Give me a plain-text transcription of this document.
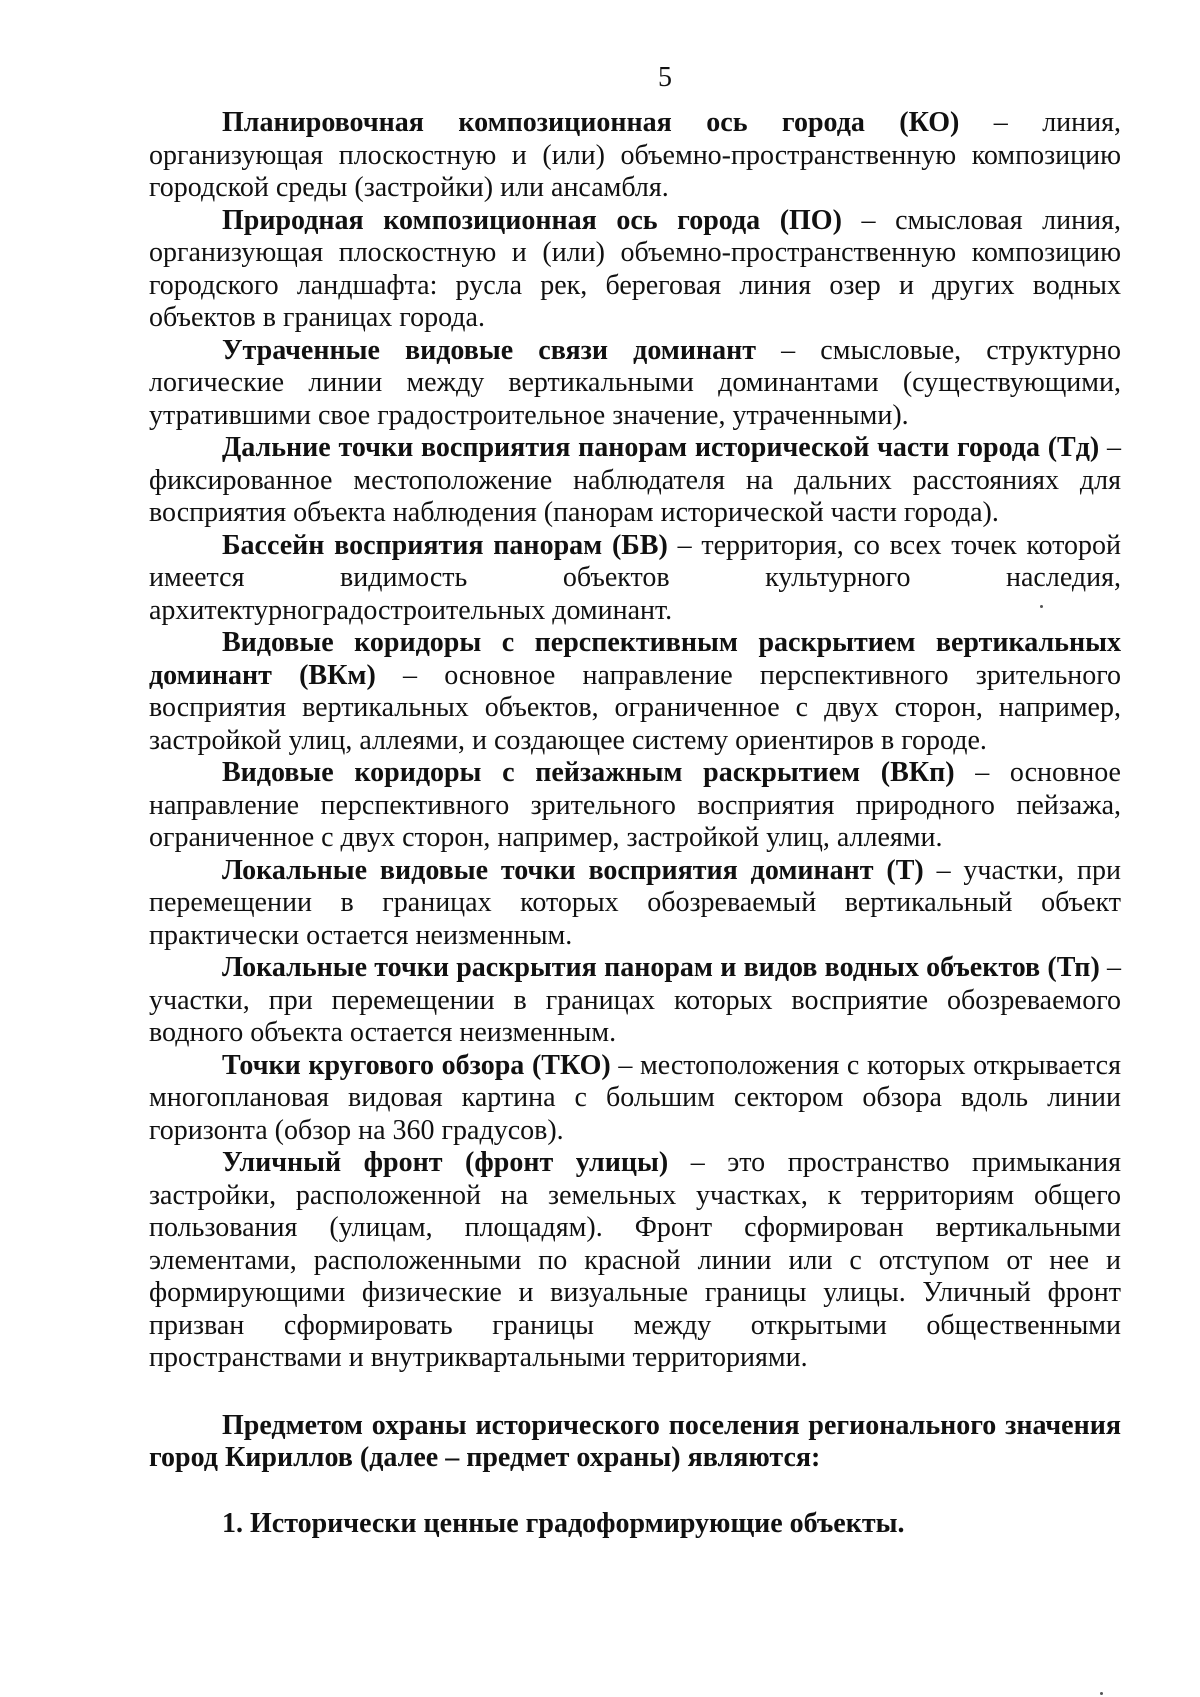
5

Планировочная композиционная ось города (КО) – линия, организующая плоскостную и (или) объемно-пространственную композицию городской среды (застройки) или ансамбля.

Природная композиционная ось города (ПО) – смысловая линия, организующая плоскостную и (или) объемно-пространственную композицию городского ландшафта: русла рек, береговая линия озер и других водных объектов в границах города.

Утраченные видовые связи доминант – смысловые, структурно логические линии между вертикальными доминантами (существующими, утратившими свое градостроительное значение, утраченными).

Дальние точки восприятия панорам исторической части города (Тд) – фиксированное местоположение наблюдателя на дальних расстояниях для восприятия объекта наблюдения (панорам исторической части города).

Бассейн восприятия панорам (БВ) – территория, со всех точек которой имеется видимость объектов культурного наследия, архитектурноградостроительных доминант.

Видовые коридоры с перспективным раскрытием вертикальных доминант (ВКм) – основное направление перспективного зрительного восприятия вертикальных объектов, ограниченное с двух сторон, например, застройкой улиц, аллеями, и создающее систему ориентиров в городе.

Видовые коридоры с пейзажным раскрытием (ВКп) – основное направление перспективного зрительного восприятия природного пейзажа, ограниченное с двух сторон, например, застройкой улиц, аллеями.

Локальные видовые точки восприятия доминант (Т) – участки, при перемещении в границах которых обозреваемый вертикальный объект практически остается неизменным.

Локальные точки раскрытия панорам и видов водных объектов (Тп) – участки, при перемещении в границах которых восприятие обозреваемого водного объекта остается неизменным.

Точки кругового обзора (ТКО) – местоположения с которых открывается многоплановая видовая картина с большим сектором обзора вдоль линии горизонта (обзор на 360 градусов).

Уличный фронт (фронт улицы) – это пространство примыкания застройки, расположенной на земельных участках, к территориям общего пользования (улицам, площадям). Фронт сформирован вертикальными элементами, расположенными по красной линии или с отступом от нее и формирующими физические и визуальные границы улицы. Уличный фронт призван сформировать границы между открытыми общественными пространствами и внутриквартальными территориями.

Предметом охраны исторического поселения регионального значения город Кириллов (далее – предмет охраны) являются:

1. Исторически ценные градоформирующие объекты.
